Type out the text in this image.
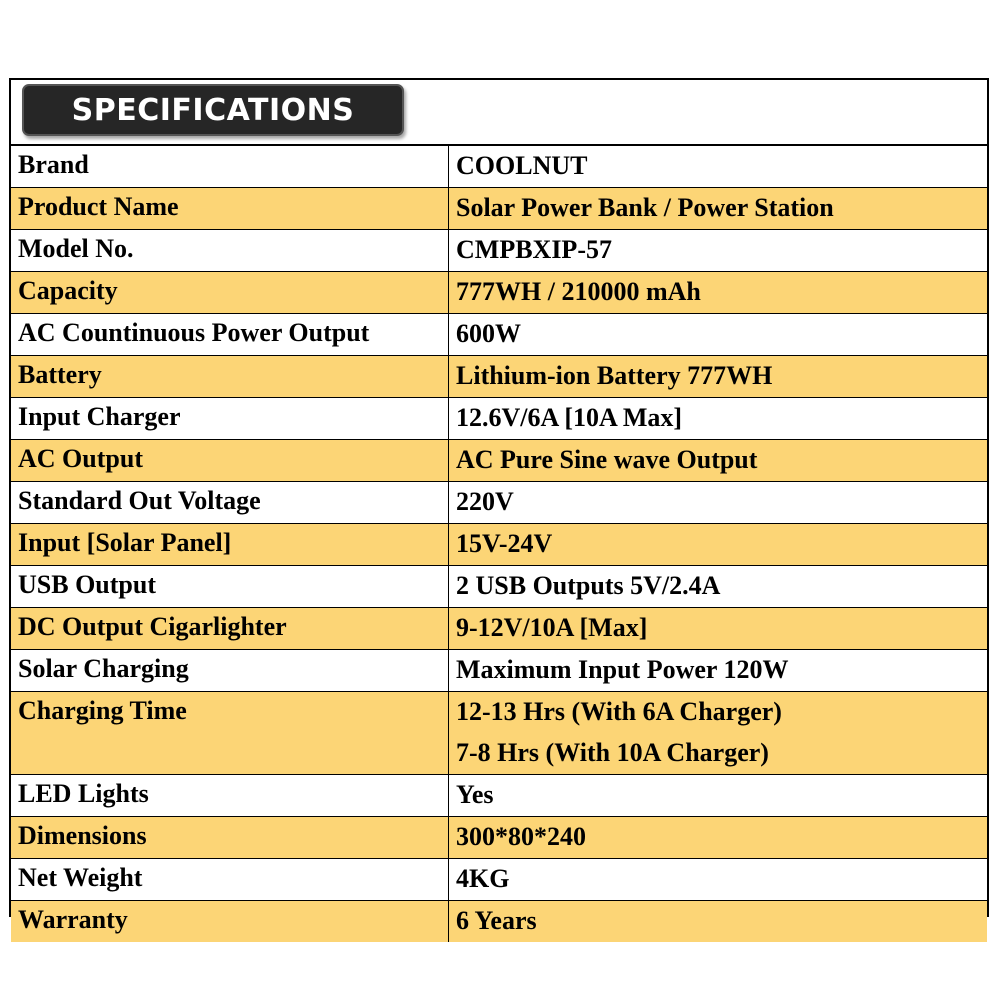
SPECIFICATIONS
Brand	COOLNUT

Product Name	Solar Power Bank / Power Station

Model No.	CMPBXIP-57

Capacity	777WH / 210000 mAh

AC Countinuous Power Output	600W

Battery	Lithium-ion Battery 777WH

Input Charger	12.6V/6A [10A Max]

AC Output	AC Pure Sine wave Output

Standard Out Voltage	220V

Input [Solar Panel]	15V-24V

USB Output	2 USB Outputs 5V/2.4A

DC Output Cigarlighter	9-12V/10A [Max]

Solar Charging	Maximum Input Power 120W

Charging Time	12-13 Hrs (With 6A Charger)
7-8 Hrs (With 10A Charger)

LED Lights	Yes

Dimensions	300*80*240

Net Weight	4KG

Warranty	6 Years
